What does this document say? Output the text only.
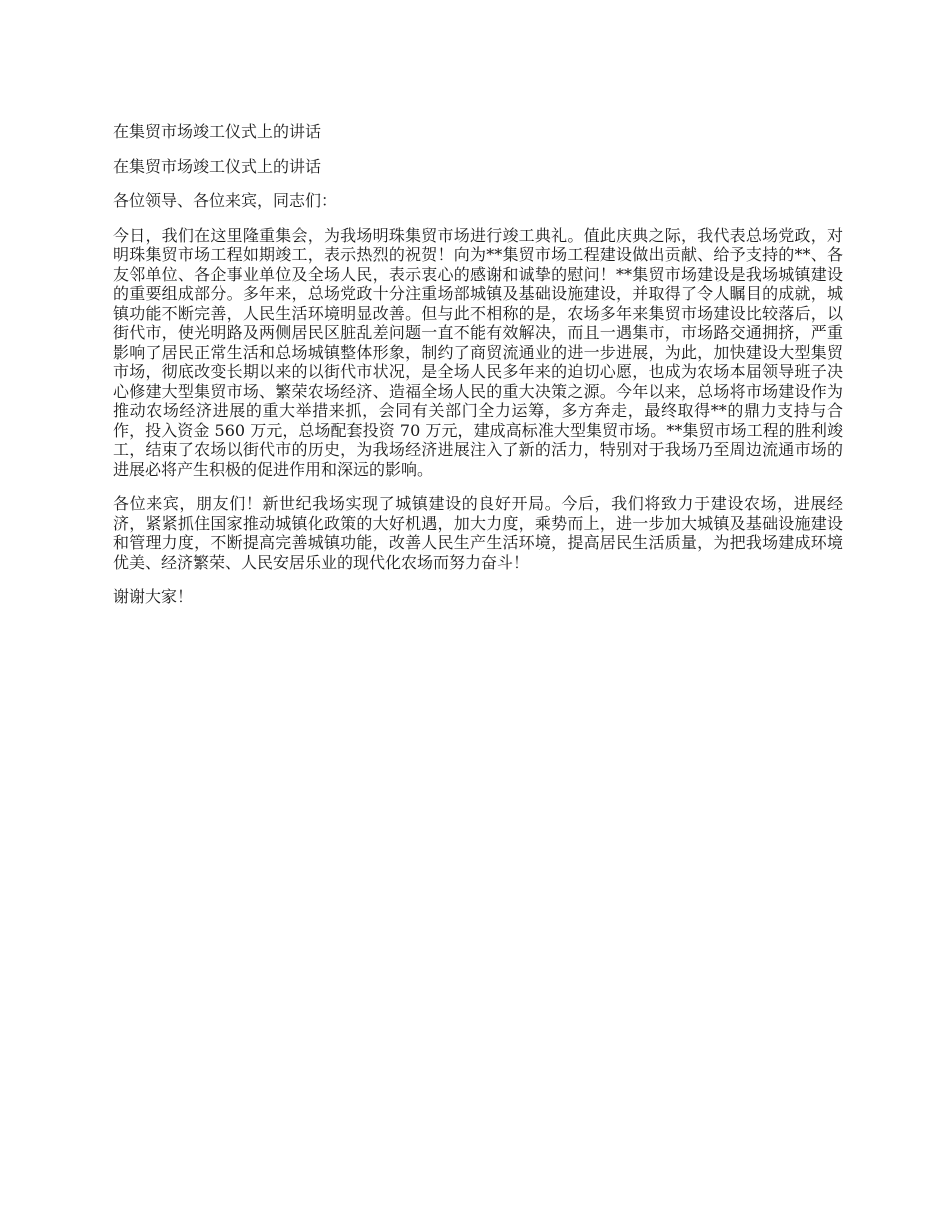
在集贸市场竣工仪式上的讲话

在集贸市场竣工仪式上的讲话

各位领导、各位来宾，同志们：

今日，我们在这里隆重集会，为我场明珠集贸市场进行竣工典礼。值此庆典之际，我代表总场党政，对明珠集贸市场工程如期竣工，表示热烈的祝贺！向为**集贸市场工程建设做出贡献、给予支持的**、各友邻单位、各企事业单位及全场人民，表示衷心的感谢和诚挚的慰问！**集贸市场建设是我场城镇建设的重要组成部分。多年来，总场党政十分注重场部城镇及基础设施建设，并取得了令人瞩目的成就，城镇功能不断完善，人民生活环境明显改善。但与此不相称的是，农场多年来集贸市场建设比较落后，以街代市，使光明路及两侧居民区脏乱差问题一直不能有效解决，而且一遇集市，市场路交通拥挤，严重影响了居民正常生活和总场城镇整体形象，制约了商贸流通业的进一步进展，为此，加快建设大型集贸市场，彻底改变长期以来的以街代市状况，是全场人民多年来的迫切心愿，也成为农场本届领导班子决心修建大型集贸市场、繁荣农场经济、造福全场人民的重大决策之源。今年以来，总场将市场建设作为推动农场经济进展的重大举措来抓，会同有关部门全力运筹，多方奔走，最终取得**的鼎力支持与合作，投入资金 560 万元，总场配套投资 70 万元，建成高标准大型集贸市场。**集贸市场工程的胜利竣工，结束了农场以街代市的历史，为我场经济进展注入了新的活力，特别对于我场乃至周边流通市场的进展必将产生积极的促进作用和深远的影响。

各位来宾，朋友们！新世纪我场实现了城镇建设的良好开局。今后，我们将致力于建设农场，进展经济，紧紧抓住国家推动城镇化政策的大好机遇，加大力度，乘势而上，进一步加大城镇及基础设施建设和管理力度，不断提高完善城镇功能，改善人民生产生活环境，提高居民生活质量，为把我场建成环境优美、经济繁荣、人民安居乐业的现代化农场而努力奋斗！

谢谢大家！
